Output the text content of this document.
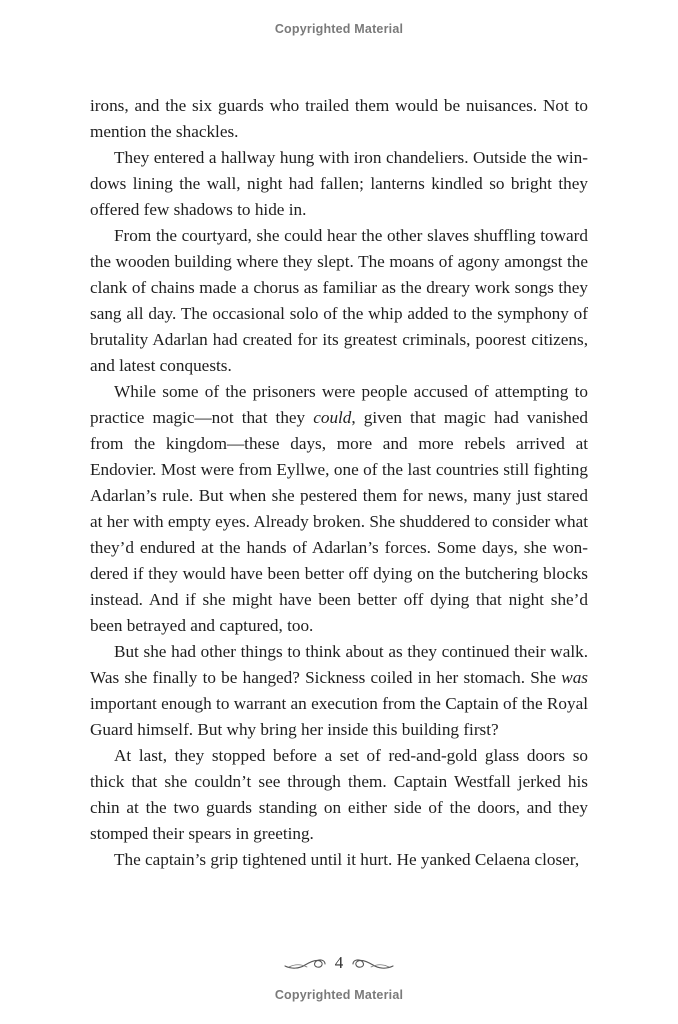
Copyrighted Material

irons, and the six guards who trailed them would be nuisances. Not to mention the shackles.

They entered a hallway hung with iron chandeliers. Outside the windows lining the wall, night had fallen; lanterns kindled so bright they offered few shadows to hide in.

From the courtyard, she could hear the other slaves shuffling toward the wooden building where they slept. The moans of agony amongst the clank of chains made a chorus as familiar as the dreary work songs they sang all day. The occasional solo of the whip added to the symphony of brutality Adarlan had created for its greatest criminals, poorest citizens, and latest conquests.

While some of the prisoners were people accused of attempting to practice magic—not that they could, given that magic had vanished from the kingdom—these days, more and more rebels arrived at Endovier. Most were from Eyllwe, one of the last countries still fighting Adarlan’s rule. But when she pestered them for news, many just stared at her with empty eyes. Already broken. She shuddered to consider what they’d endured at the hands of Adarlan’s forces. Some days, she wondered if they would have been better off dying on the butchering blocks instead. And if she might have been better off dying that night she’d been betrayed and captured, too.

But she had other things to think about as they continued their walk. Was she finally to be hanged? Sickness coiled in her stomach. She was important enough to warrant an execution from the Captain of the Royal Guard himself. But why bring her inside this building first?

At last, they stopped before a set of red-and-gold glass doors so thick that she couldn’t see through them. Captain Westfall jerked his chin at the two guards standing on either side of the doors, and they stomped their spears in greeting.

The captain’s grip tightened until it hurt. He yanked Celaena closer,

4
Copyrighted Material
